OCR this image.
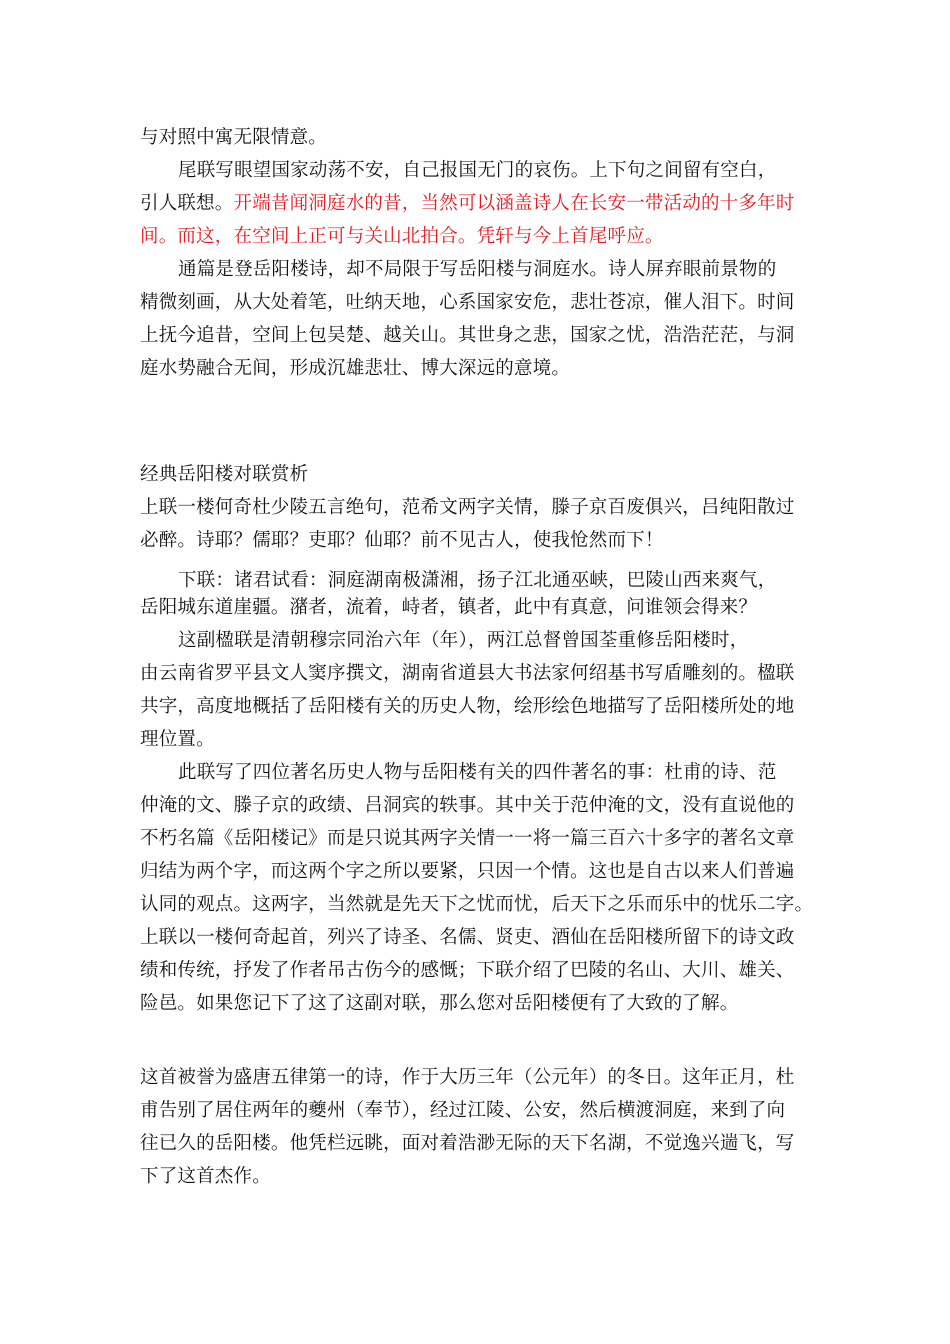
与对照中寓无限情意。
尾联写眼望国家动荡不安，自己报国无门的哀伤。上下句之间留有空白，
引人联想。开端昔闻洞庭水的昔，当然可以涵盖诗人在长安一带活动的十多年时
间。而这，在空间上正可与关山北拍合。凭轩与今上首尾呼应。
通篇是登岳阳楼诗，却不局限于写岳阳楼与洞庭水。诗人屏弃眼前景物的
精微刻画，从大处着笔，吐纳天地，心系国家安危，悲壮苍凉，催人泪下。时间
上抚今追昔，空间上包吴楚、越关山。其世身之悲，国家之忧，浩浩茫茫，与洞
庭水势融合无间，形成沉雄悲壮、博大深远的意境。
经典岳阳楼对联赏析
上联一楼何奇杜少陵五言绝句，范希文两字关情，滕子京百废俱兴，吕纯阳散过
必醉。诗耶？儒耶？吏耶？仙耶？前不见古人，使我怆然而下！
下联：诸君试看：洞庭湖南极潇湘，扬子江北通巫峡，巴陵山西来爽气，
岳阳城东道崖疆。潴者，流着，峙者，镇者，此中有真意，问谁领会得来？
这副楹联是清朝穆宗同治六年（年），两江总督曾国荃重修岳阳楼时，
由云南省罗平县文人窦序撰文，湖南省道县大书法家何绍基书写盾雕刻的。楹联
共字，高度地概括了岳阳楼有关的历史人物，绘形绘色地描写了岳阳楼所处的地
理位置。
此联写了四位著名历史人物与岳阳楼有关的四件著名的事：杜甫的诗、范
仲淹的文、滕子京的政绩、吕洞宾的轶事。其中关于范仲淹的文，没有直说他的
不朽名篇《岳阳楼记》而是只说其两字关情一一将一篇三百六十多字的著名文章
归结为两个字，而这两个字之所以要紧，只因一个情。这也是自古以来人们普遍
认同的观点。这两字，当然就是先天下之忧而忧，后天下之乐而乐中的忧乐二字。
上联以一楼何奇起首，列兴了诗圣、名儒、贤吏、酒仙在岳阳楼所留下的诗文政
绩和传统，抒发了作者吊古伤今的感慨；下联介绍了巴陵的名山、大川、雄关、
险邑。如果您记下了这了这副对联，那么您对岳阳楼便有了大致的了解。
这首被誉为盛唐五律第一的诗，作于大历三年（公元年）的冬日。这年正月，杜
甫告别了居住两年的夔州（奉节），经过江陵、公安，然后横渡洞庭，来到了向
往已久的岳阳楼。他凭栏远眺，面对着浩渺无际的天下名湖，不觉逸兴遄飞，写
下了这首杰作。
